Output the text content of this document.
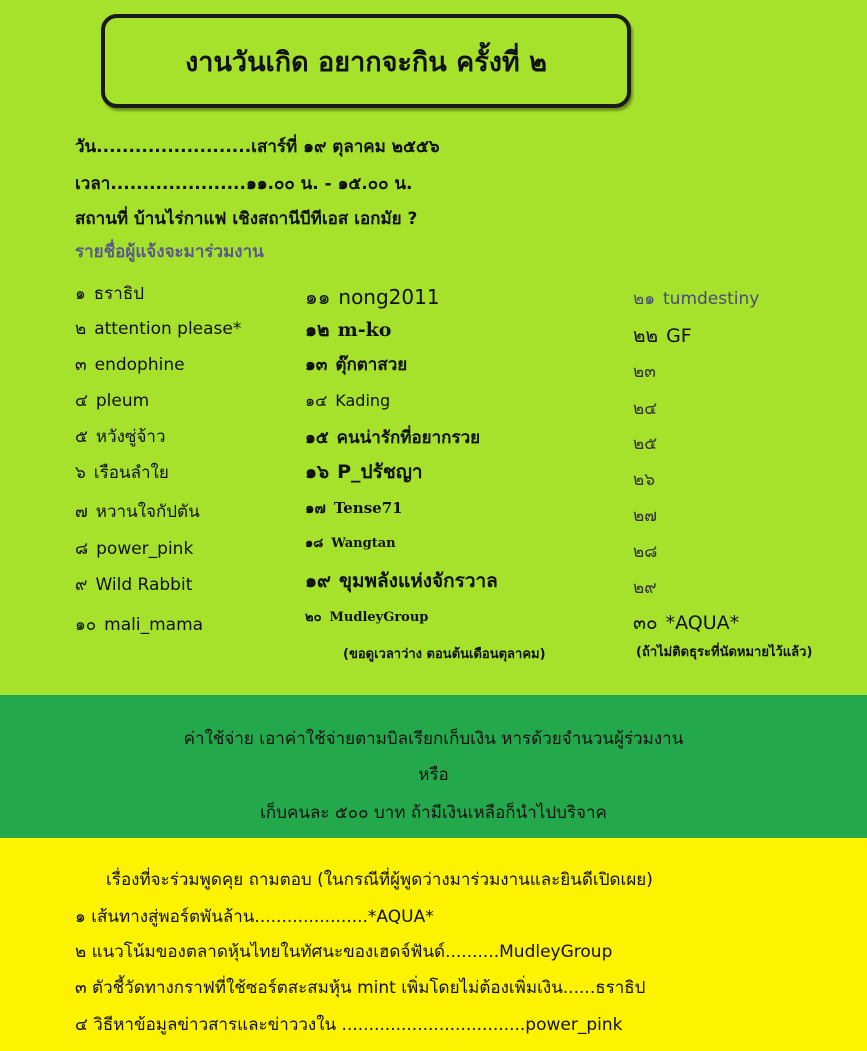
งานวันเกิด อยากจะกิน ครั้งที่ ๒
วัน........................เสาร์ที่ ๑๙ ตุลาคม ๒๕๕๖
เวลา.....................๑๑.๐๐ น. - ๑๕.๐๐ น.
สถานที่ บ้านไร่กาแฟ เชิงสถานีบีทีเอส เอกมัย ?
รายชื่อผู้แจ้งจะมาร่วมงาน
๑ ธราธิป
๒ attention please*
๓ endophine
๔ pleum
๕ หวังซู่จ้าว
๖ เรือนลำใย
๗ หวานใจกัปตัน
๘ power_pink
๙ Wild Rabbit
๑๐ mali_mama
๑๑ nong2011
๑๒ m-ko
๑๓ ตุ๊กตาสวย
๑๔ Kading
๑๕ คนน่ารักที่อยากรวย
๑๖ P_ปรัชญา
๑๗ Tense71
๑๘ Wangtan
๑๙ ขุมพลังแห่งจักรวาล
๒๐ MudleyGroup
(ขอดูเวลาว่าง ตอนต้นเดือนตุลาคม)
๒๑ tumdestiny
๒๒ GF
๒๓
๒๔
๒๕
๒๖
๒๗
๒๘
๒๙
๓๐ *AQUA*
(ถ้าไม่ติดธุระที่นัดหมายไว้แล้ว)
ค่าใช้จ่าย เอาค่าใช้จ่ายตามบิลเรียกเก็บเงิน หารด้วยจำนวนผู้ร่วมงาน
หรือ
เก็บคนละ ๕๐๐ บาท ถ้ามีเงินเหลือก็นำไปบริจาค
เรื่องที่จะร่วมพูดคุย ถามตอบ (ในกรณีที่ผู้พูดว่างมาร่วมงานและยินดีเปิดเผย)
๑ เส้นทางสู่พอร์ตพันล้าน.....................*AQUA*
๒ แนวโน้มของตลาดหุ้นไทยในทัศนะของเฮดจ์ฟันด์..........MudleyGroup
๓ ตัวชี้วัดทางกราฟที่ใช้ซอร์ตสะสมหุ้น mint เพิ่มโดยไม่ต้องเพิ่มเงิน......ธราธิป
๔ วิธีหาข้อมูลข่าวสารและข่าววงใน ..................................power_pink
